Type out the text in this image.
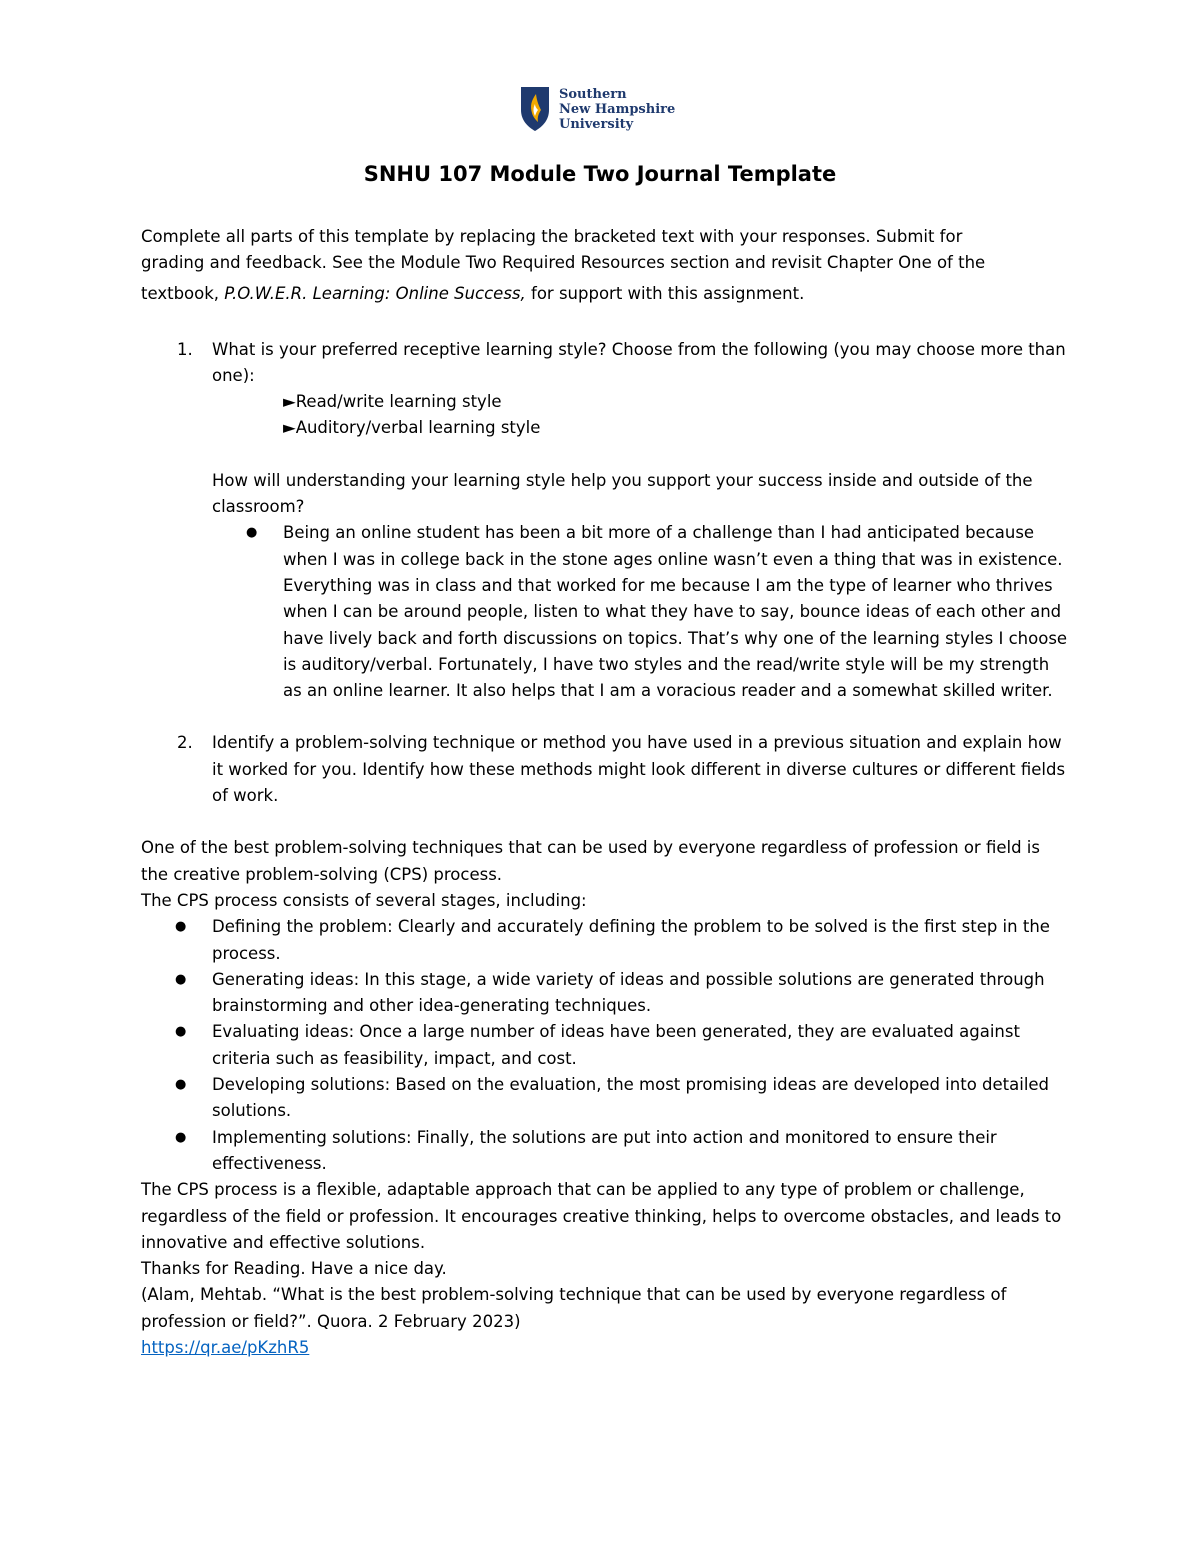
Southern
New Hampshire
University
SNHU 107 Module Two Journal Template

Complete all parts of this template by replacing the bracketed text with your responses. Submit for

grading and feedback. See the Module Two Required Resources section and revisit Chapter One of the

textbook, P.O.W.E.R. Learning: Online Success, for support with this assignment.

1. What is your preferred receptive learning style? Choose from the following (you may choose more than one):

►Read/write learning style

►Auditory/verbal learning style

How will understanding your learning style help you support your success inside and outside of the classroom?

● Being an online student has been a bit more of a challenge than I had anticipated because when I was in college back in the stone ages online wasn’t even a thing that was in existence. Everything was in class and that worked for me because I am the type of learner who thrives when I can be around people, listen to what they have to say, bounce ideas of each other and have lively back and forth discussions on topics. That’s why one of the learning styles I choose is auditory/verbal. Fortunately, I have two styles and the read/write style will be my strength as an online learner. It also helps that I am a voracious reader and a somewhat skilled writer.
2. Identify a problem-solving technique or method you have used in a previous situation and explain how it worked for you. Identify how these methods might look different in diverse cultures or different fields of work.

One of the best problem-solving techniques that can be used by everyone regardless of profession or field is the creative problem-solving (CPS) process.

The CPS process consists of several stages, including:

● Defining the problem: Clearly and accurately defining the problem to be solved is the first step in the process.
● Generating ideas: In this stage, a wide variety of ideas and possible solutions are generated through brainstorming and other idea-generating techniques.
● Evaluating ideas: Once a large number of ideas have been generated, they are evaluated against criteria such as feasibility, impact, and cost.
● Developing solutions: Based on the evaluation, the most promising ideas are developed into detailed solutions.
● Implementing solutions: Finally, the solutions are put into action and monitored to ensure their effectiveness.

The CPS process is a flexible, adaptable approach that can be applied to any type of problem or challenge, regardless of the field or profession. It encourages creative thinking, helps to overcome obstacles, and leads to innovative and effective solutions.

Thanks for Reading. Have a nice day.

(Alam, Mehtab. “What is the best problem-solving technique that can be used by everyone regardless of profession or field?”. Quora. 2 February 2023)

https://qr.ae/pKzhR5
